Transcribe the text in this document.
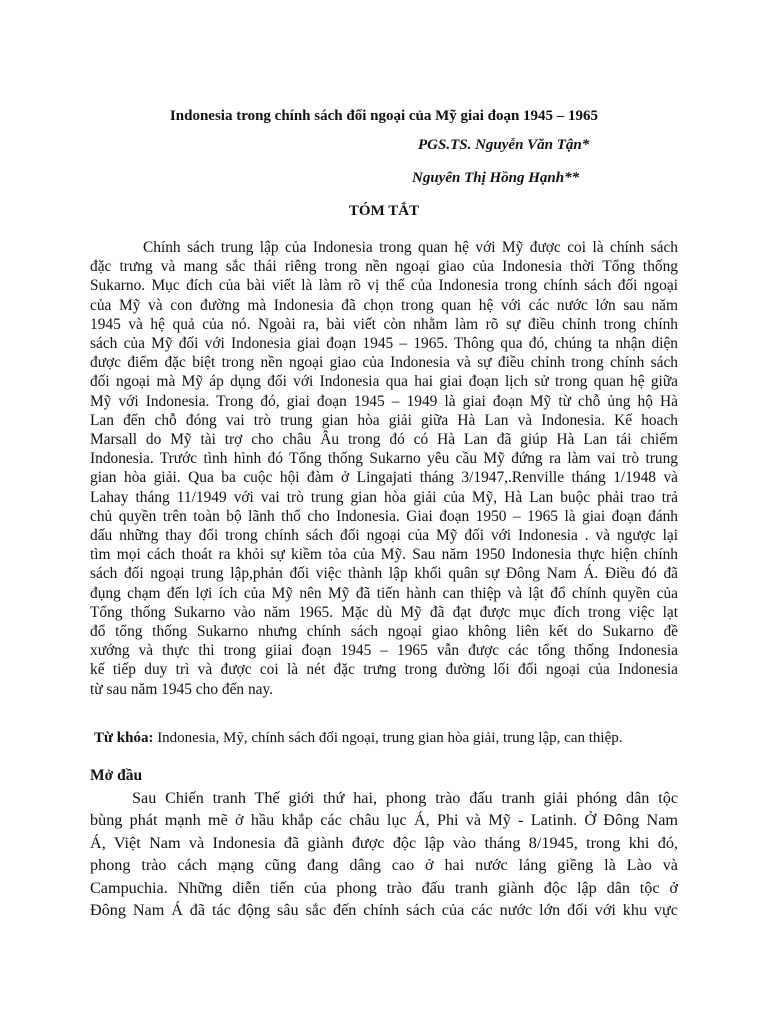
Indonesia trong chính sách đối ngoại của Mỹ giai đoạn 1945 – 1965
PGS.TS. Nguyễn Văn Tận*
Nguyên Thị Hồng Hạnh**
TÓM TẮT
Chính sách trung lập của Indonesia trong quan hệ với Mỹ được coi là chính sách
đặc trưng và mang sắc thái riêng trong nền ngoại giao của Indonesia thời Tổng thống
Sukarno. Mục đích của bài viết là làm rõ vị thế của Indonesia trong chính sách đối ngoại
của Mỹ và con đường mà Indonesia đã chọn trong quan hệ với các nước lớn sau năm
1945 và hệ quả của nó. Ngoài ra, bài viết còn nhằm làm rõ sự điều chỉnh trong chính
sách của Mỹ đối với Indonesia giai đoạn 1945 – 1965. Thông qua đó, chúng ta nhận diện
được điểm đặc biệt trong nền ngoại giao của Indonesia và sự điều chỉnh trong chính sách
đối ngoại mà Mỹ áp dụng đối với Indonesia qua hai giai đoạn lịch sử trong quan hệ giữa
Mỹ với Indonesia. Trong đó, giai đoạn 1945 – 1949 là giai đoạn Mỹ từ chỗ ủng hộ Hà
Lan đến chỗ đóng vai trò trung gian hòa giải giữa Hà Lan và Indonesia. Kế hoach
Marsall do Mỹ tài trợ cho châu Âu trong đó có Hà Lan đã giúp Hà Lan tái chiếm
Indonesia. Trước tình hình đó Tổng thống Sukarno yêu cầu Mỹ đứng ra làm vai trò trung
gian hòa giải. Qua ba cuộc hội đàm ở Lingajati tháng 3/1947,.Renville tháng 1/1948 và
Lahay tháng 11/1949 với vai trò trung gian hòa giải của Mỹ, Hà Lan buộc phải trao trả
chủ quyền trên toàn bộ lãnh thổ cho Indonesia. Giai đoạn 1950 – 1965 là giai đoạn đánh
dấu những thay đổi trong chính sách đối ngoại của Mỹ đối với Indonesia . và ngược lại
tìm mọi cách thoát ra khỏi sự kiềm tỏa của Mỹ. Sau năm 1950 Indonesia thực hiện chính
sách đối ngoại trung lập,phản đối việc thành lập khối quân sự Đông Nam Á. Điều đó đã
đụng chạm đến lợi ích của Mỹ nên Mỹ đã tiến hành can thiệp và lật đổ chính quyền của
Tổng thống Sukarno vào năm 1965. Mặc dù Mỹ đã đạt được mục đích trong việc lạt
đổ tổng thống Sukarno nhưng chính sách ngoại giao không liên kết do Sukarno đề
xướng và thực thi trong giiai đoạn 1945 – 1965 vẫn được các tổng thống Indonesia
kế tiếp duy trì và được coi là nét đặc trưng trong đường lối đối ngoại của Indonesia
từ sau năm 1945 cho đến nay.
Từ khóa: Indonesia, Mỹ, chính sách đối ngoại, trung gian hòa giải, trung lập, can thiệp.
Mở đầu
Sau Chiến tranh Thế giới thứ hai, phong trào đấu tranh giải phóng dân tộc
bùng phát mạnh mẽ ở hầu khắp các châu lục Á, Phi và Mỹ - Latinh. Ở Đông Nam
Á, Việt Nam và Indonesia đã giành được độc lập vào tháng 8/1945, trong khi đó,
phong trào cách mạng cũng đang dâng cao ở hai nước láng giềng là Lào và
Campuchia. Những diễn tiến của phong trào đấu tranh giành độc lập dân tộc ở
Đông Nam Á đã tác động sâu sắc đến chính sách của các nước lớn đối với khu vực
